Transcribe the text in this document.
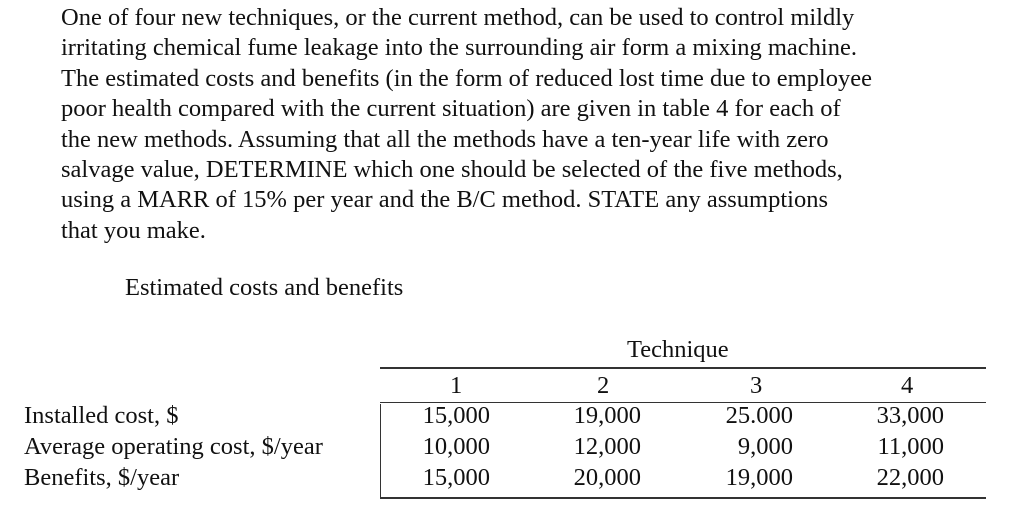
One of four new techniques, or the current method, can be used to control mildly
irritating chemical fume leakage into the surrounding air form a mixing machine.
The estimated costs and benefits (in the form of reduced lost time due to employee
poor health compared with the current situation) are given in table 4 for each of
the new methods. Assuming that all the methods have a ten-year life with zero
salvage value, DETERMINE which one should be selected of the five methods,
using a MARR of 15% per year and the B/C method. STATE any assumptions
that you make.
Estimated costs and benefits
Technique
1	2	3	4
Installed cost, $	15,000	19,000	25.000	33,000
Average operating cost, $/year	10,000	12,000	9,000	11,000
Benefits, $/year	15,000	20,000	19,000	22,000
